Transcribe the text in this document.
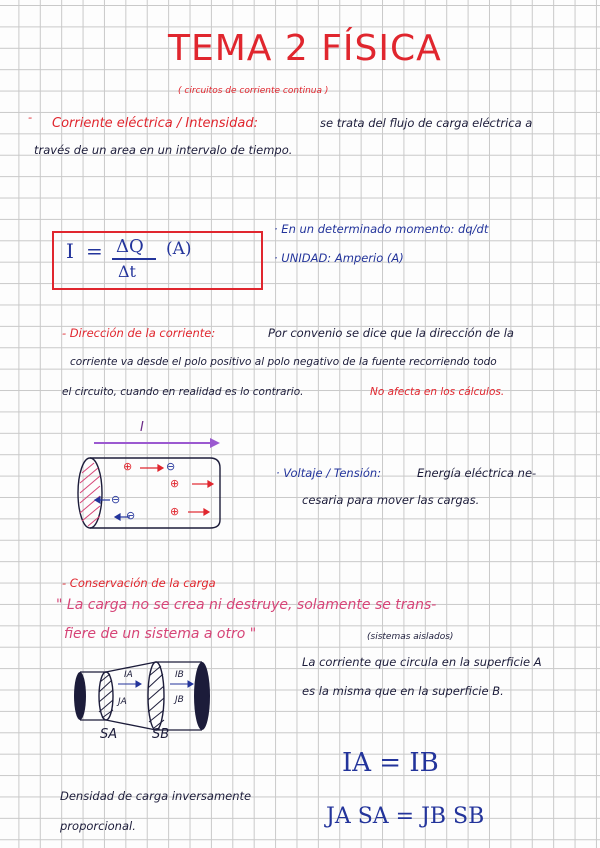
TEMA 2 FÍSICA
( circuitos de corriente continua )
- Corriente eléctrica / Intensidad:	se trata del flujo de carga eléctrica a
través de un area en un intervalo de tiempo.
I = ΔQ
Δt
(A)
· En un determinado momento: dq/dt
· UNIDAD: Amperio (A)
- Dirección de la corriente:	Por convenio se dice que la dirección de la
corriente va desde el polo positivo al polo negativo de la fuente recorriendo todo
el circuito, cuando en realidad es lo contrario.	No afecta en los cálculos.
I
⊕	⊖
⊕
⊖
⊕
⊖
· Voltaje / Tensión:	Energía eléctrica ne-
cesaria para mover las cargas.
- Conservación de la carga
" La carga no se crea ni destruye, solamente se trans-
fiere de un sistema a otro "	(sistemas aislados)
La corriente que circula en la superficie A
es la misma que en la superficie B.
IA
JA
IB
JB
SA	SB
IA = IB
JA SA = JB SB
Densidad de carga inversamente
proporcional.
